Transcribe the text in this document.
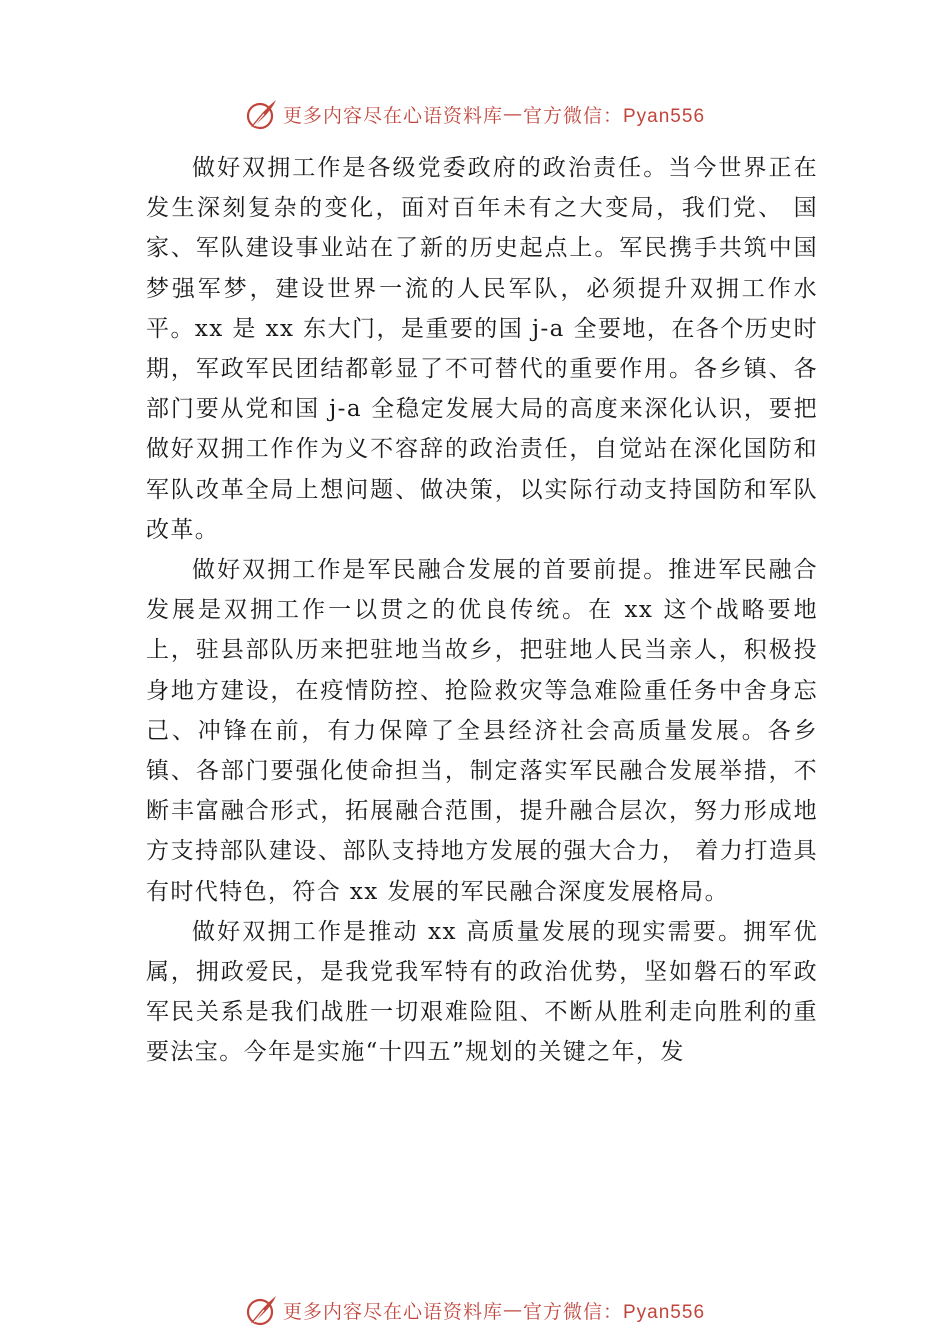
更多内容尽在心语资料库 — 官方微信：Pyan556

做好双拥工作是各级党委政府的政治责任。当今世界正在发生深刻复杂的变化，面对百年未有之大变局，我们党、 国家、军队建设事业站在了新的历史起点上。军民携手共筑中国梦强军梦，建设世界一流的人民军队，必须提升双拥工作水平。xx 是 xx 东大门，是重要的国 j-a 全要地，在各个历史时期，军政军民团结都彰显了不可替代的重要作用。各乡镇、各部门要从党和国 j-a 全稳定发展大局的高度来深化认识，要把做好双拥工作作为义不容辞的政治责任，自觉站在深化国防和军队改革全局上想问题、做决策，以实际行动支持国防和军队改革。

做好双拥工作是军民融合发展的首要前提。推进军民融合发展是双拥工作一以贯之的优良传统。在 xx 这个战略要地上，驻县部队历来把驻地当故乡，把驻地人民当亲人，积极投身地方建设，在疫情防控、抢险救灾等急难险重任务中舍身忘己、冲锋在前，有力保障了全县经济社会高质量发展。各乡镇、各部门要强化使命担当，制定落实军民融合发展举措，不断丰富融合形式，拓展融合范围，提升融合层次，努力形成地方支持部队建设、部队支持地方发展的强大合力， 着力打造具有时代特色，符合 xx 发展的军民融合深度发展格局。

做好双拥工作是推动 xx 高质量发展的现实需要。拥军优属，拥政爱民，是我党我军特有的政治优势，坚如磐石的军政军民关系是我们战胜一切艰难险阻、不断从胜利走向胜利的重要法宝。今年是实施“十四五”规划的关键之年，发

更多内容尽在心语资料库 — 官方微信：Pyan556
